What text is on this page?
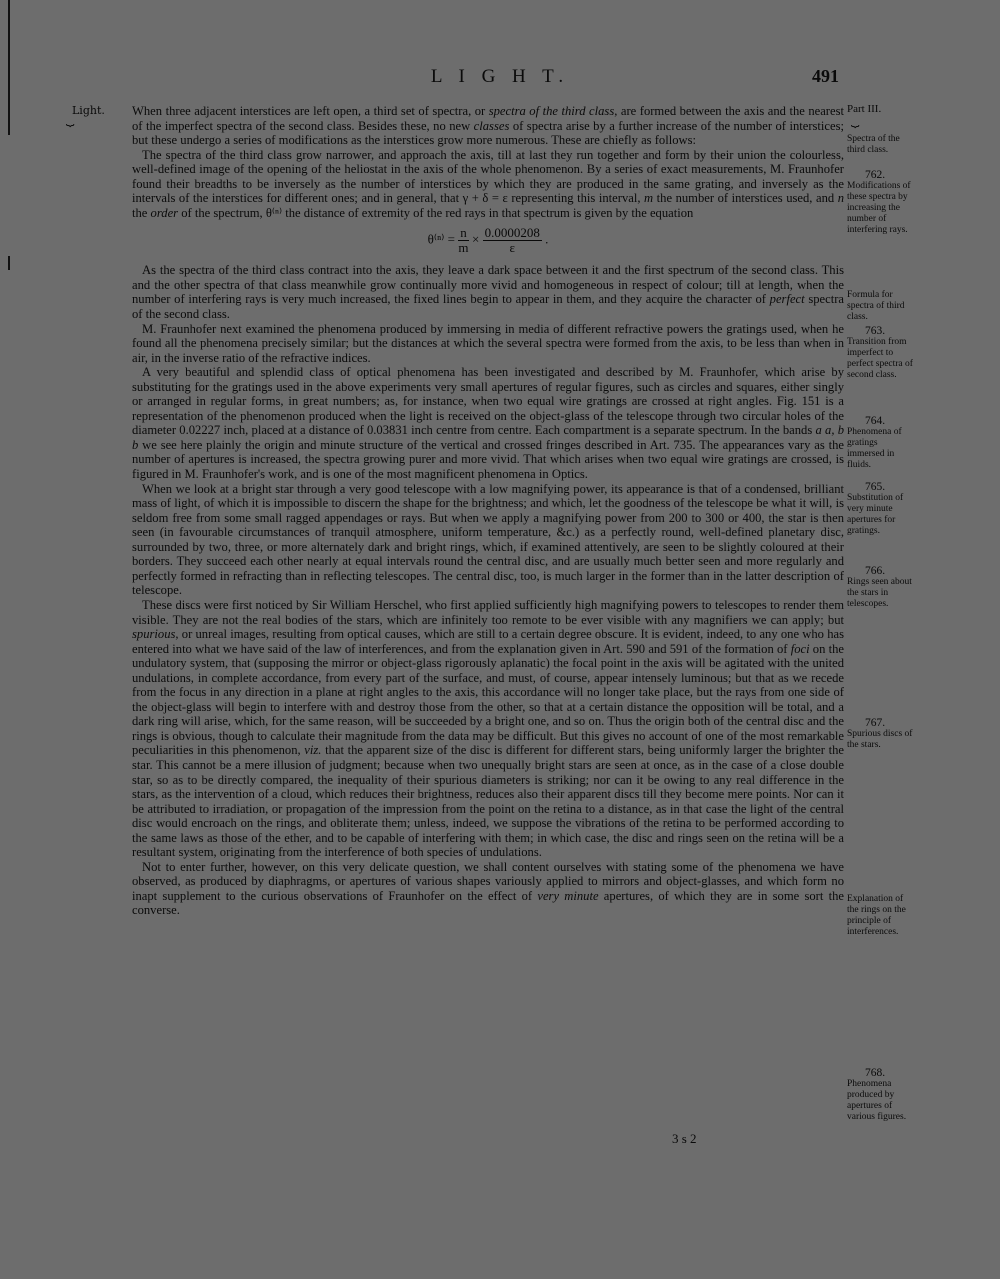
L I G H T.	491
Light.
⏟	When three adjacent interstices are left open, a third set of spectra, or spectra of the third class, are formed between the axis and the nearest of the imperfect spectra of the second class. Besides these, no new classes of spectra arise by a further increase of the number of interstices; but these undergo a series of modifications as the interstices grow more numerous. These are chiefly as follows:

The spectra of the third class grow narrower, and approach the axis, till at last they run together and form by their union the colourless, well-defined image of the opening of the heliostat in the axis of the whole phenomenon. By a series of exact measurements, M. Fraunhofer found their breadths to be inversely as the number of interstices by which they are produced in the same grating, and inversely as the intervals of the interstices for different ones; and in general, that γ + δ = ε representing this interval, m the number of interstices used, and n the order of the spectrum, θ⁽ⁿ⁾ the distance of extremity of the red rays in that spectrum is given by the equation

$\theta^{(n)} = \frac{n}{m} \times \frac{0.0000208}{\varepsilon}$ .

As the spectra of the third class contract into the axis, they leave a dark space between it and the first spectrum of the second class. This and the other spectra of that class meanwhile grow continually more vivid and homogeneous in respect of colour; till at length, when the number of interfering rays is very much increased, the fixed lines begin to appear in them, and they acquire the character of perfect spectra of the second class.

M. Fraunhofer next examined the phenomena produced by immersing in media of different refractive powers the gratings used, when he found all the phenomena precisely similar; but the distances at which the several spectra were formed from the axis, to be less than when in air, in the inverse ratio of the refractive indices.

A very beautiful and splendid class of optical phenomena has been investigated and described by M. Fraunhofer, which arise by substituting for the gratings used in the above experiments very small apertures of regular figures, such as circles and squares, either singly or arranged in regular forms, in great numbers; as, for instance, when two equal wire gratings are crossed at right angles. Fig. 151 is a representation of the phenomenon produced when the light is received on the object-glass of the telescope through two circular holes of the diameter 0.02227 inch, placed at a distance of 0.03831 inch centre from centre. Each compartment is a separate spectrum. In the bands a a, b b we see here plainly the origin and minute structure of the vertical and crossed fringes described in Art. 735. The appearances vary as the number of apertures is increased, the spectra growing purer and more vivid. That which arises when two equal wire gratings are crossed, is figured in M. Fraunhofer's work, and is one of the most magnificent phenomena in Optics.

When we look at a bright star through a very good telescope with a low magnifying power, its appearance is that of a condensed, brilliant mass of light, of which it is impossible to discern the shape for the brightness; and which, let the goodness of the telescope be what it will, is seldom free from some small ragged appendages or rays. But when we apply a magnifying power from 200 to 300 or 400, the star is then seen (in favourable circumstances of tranquil atmosphere, uniform temperature, &c.) as a perfectly round, well-defined planetary disc, surrounded by two, three, or more alternately dark and bright rings, which, if examined attentively, are seen to be slightly coloured at their borders. They succeed each other nearly at equal intervals round the central disc, and are usually much better seen and more regularly and perfectly formed in refracting than in reflecting telescopes. The central disc, too, is much larger in the former than in the latter description of telescope.

These discs were first noticed by Sir William Herschel, who first applied sufficiently high magnifying powers to telescopes to render them visible. They are not the real bodies of the stars, which are infinitely too remote to be ever visible with any magnifiers we can apply; but spurious, or unreal images, resulting from optical causes, which are still to a certain degree obscure. It is evident, indeed, to any one who has entered into what we have said of the law of interferences, and from the explanation given in Art. 590 and 591 of the formation of foci on the undulatory system, that (supposing the mirror or object-glass rigorously aplanatic) the focal point in the axis will be agitated with the united undulations, in complete accordance, from every part of the surface, and must, of course, appear intensely luminous; but that as we recede from the focus in any direction in a plane at right angles to the axis, this accordance will no longer take place, but the rays from one side of the object-glass will begin to interfere with and destroy those from the other, so that at a certain distance the opposition will be total, and a dark ring will arise, which, for the same reason, will be succeeded by a bright one, and so on. Thus the origin both of the central disc and the rings is obvious, though to calculate their magnitude from the data may be difficult. But this gives no account of one of the most remarkable peculiarities in this phenomenon, viz. that the apparent size of the disc is different for different stars, being uniformly larger the brighter the star. This cannot be a mere illusion of judgment; because when two unequally bright stars are seen at once, as in the case of a close double star, so as to be directly compared, the inequality of their spurious diameters is striking; nor can it be owing to any real difference in the stars, as the intervention of a cloud, which reduces their brightness, reduces also their apparent discs till they become mere points. Nor can it be attributed to irradiation, or propagation of the impression from the point on the retina to a distance, as in that case the light of the central disc would encroach on the rings, and obliterate them; unless, indeed, we suppose the vibrations of the retina to be performed according to the same laws as those of the ether, and to be capable of interfering with them; in which case, the disc and rings seen on the retina will be a resultant system, originating from the interference of both species of undulations.

Not to enter further, however, on this very delicate question, we shall content ourselves with stating some of the phenomena we have observed, as produced by diaphragms, or apertures of various shapes variously applied to mirrors and object-glasses, and which form no inapt supplement to the curious observations of Fraunhofer on the effect of very minute apertures, of which they are in some sort the converse.

Part III.
⏟
Spectra of the third class.
762.
Modifications of these spectra by increasing the number of interfering rays.
Formula for spectra of third class.
763.
Transition from imperfect to perfect spectra of second class.
764.
Phenomena of gratings immersed in fluids.
765.
Substitution of very minute apertures for gratings.
766.
Rings seen about the stars in telescopes.
767.
Spurious discs of the stars.
Explanation of the rings on the principle of interferences.
768.
Phenomena produced by apertures of various figures.
3 s 2
